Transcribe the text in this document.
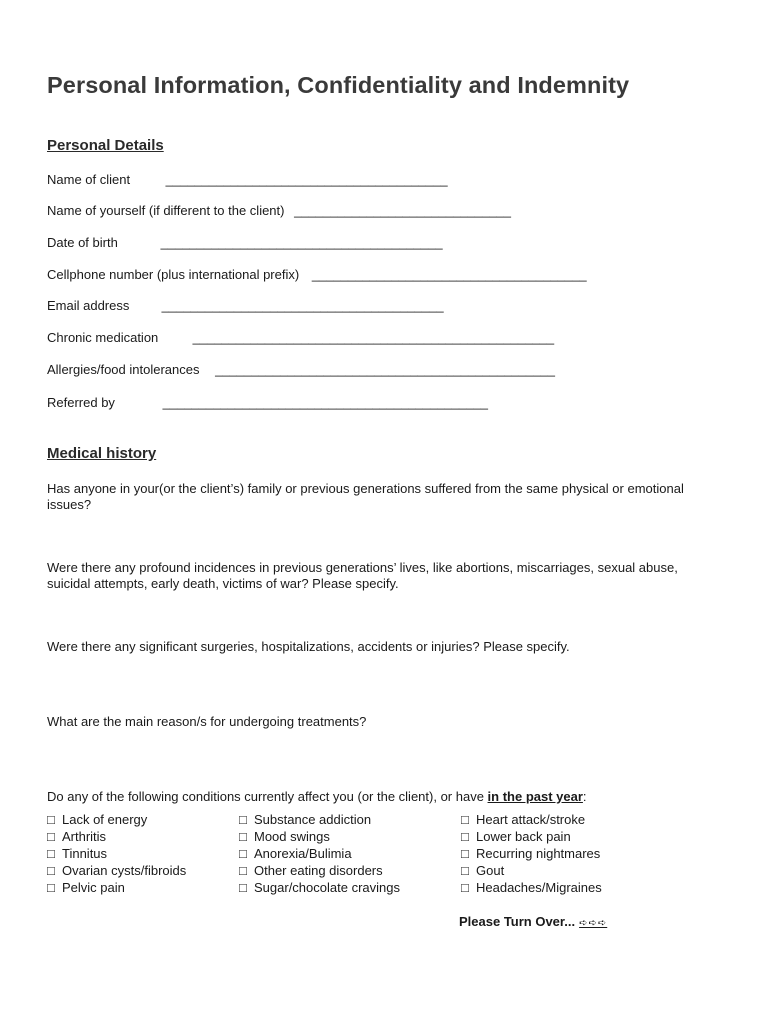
Personal Information, Confidentiality and Indemnity
Personal Details
Name of client	_______________________________________
Name of yourself (if different to the client) ______________________________
Date of birth	_______________________________________
Cellphone number (plus international prefix) ______________________________________
Email address _______________________________________
Chronic medication	__________________________________________________
Allergies/food intolerances _______________________________________________
Referred by	_____________________________________________
Medical history

Has anyone in your(or the client’s) family or previous generations suffered from the same physical or emotional issues?

Were there any profound incidences in previous generations’ lives, like abortions, miscarriages, sexual abuse, suicidal attempts, early death, victims of war? Please specify.

Were there any significant surgeries, hospitalizations, accidents or injuries? Please specify.

What are the main reason/s for undergoing treatments?

Do any of the following conditions currently affect you (or the client), or have in the past year:

□ Lack of energy
□ Arthritis
□ Tinnitus
□ Ovarian cysts/fibroids
□ Pelvic pain
□ Substance addiction
□ Mood swings
□ Anorexia/Bulimia
□ Other eating disorders
□ Sugar/chocolate cravings
□ Heart attack/stroke
□ Lower back pain
□ Recurring nightmares
□ Gout
□ Headaches/Migraines
Please Turn Over... ➪➪➪
